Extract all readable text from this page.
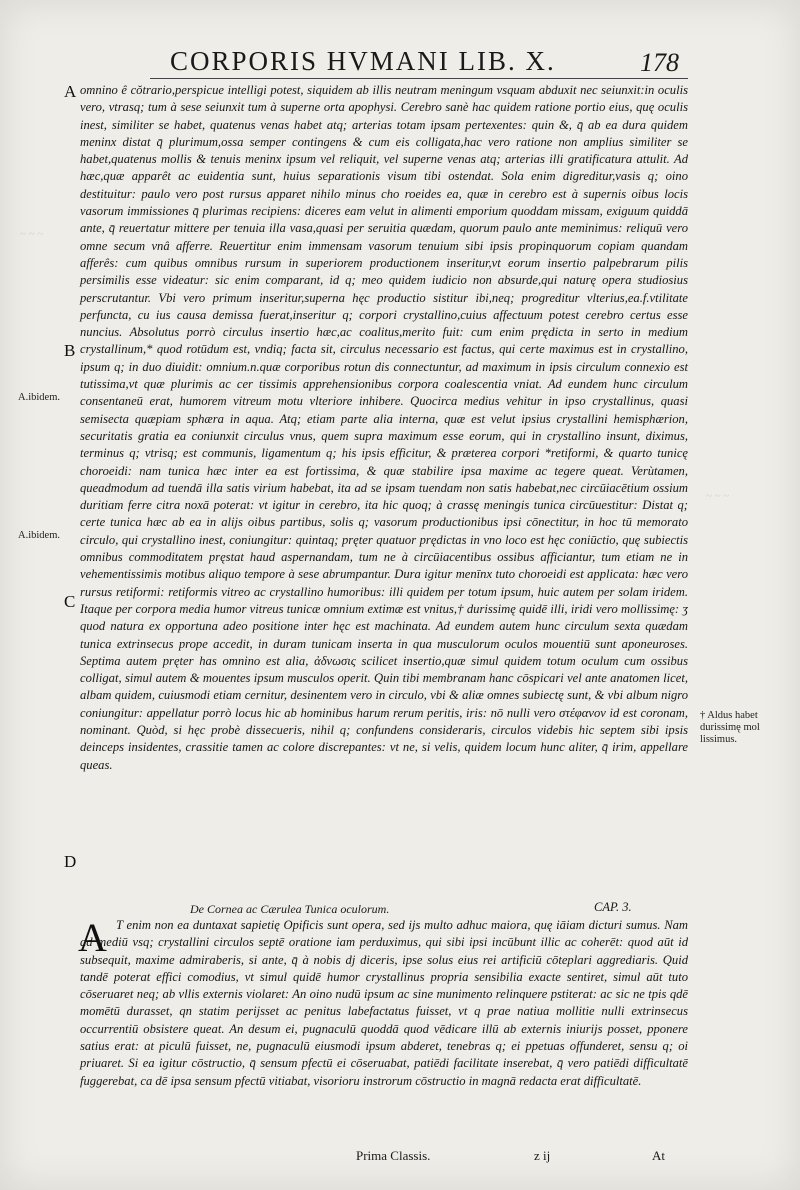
CORPORIS HVMANI LIB. X.	178

omnino ê cŏtrario,perspicue intelligi potest, siquidem ab illis neutram meningum vsquam abduxit nec seiunxit:in oculis vero, vtrasq; tum à sese seiunxit tum à superne orta apophysi. Cerebro sanè hac quidem ratione portio eius, quę oculis inest, similiter se habet, quatenus venas habet atq; arterias totam ipsam pertexentes: quin &, q̄ ab ea dura quidem meninx distat q̄ plurimum,ossa semper contingens & cum eis colligata,hac vero ratione non amplius similiter se habet,quatenus mollis & tenuis meninx ipsum vel reliquit, vel superne venas atq; arterias illi gratificatura attulit. Ad hæc,quæ apparêt ac euidentia sunt, huius separationis visum tibi ostendat. Sola enim digreditur,vasis q; oino destituitur: paulo vero post rursus apparet nihilo minus cho roeides ea, quæ in cerebro est à supernis oibus locis vasorum immissiones q̄ plurimas recipiens: diceres eam velut in alimenti emporium quoddam missam, exiguum quiddā ante, q̄ reuertatur mittere per tenuia illa vasa,quasi per seruitia quædam, quorum paulo ante meminimus: reliquū vero omne secum vnâ afferre. Reuertitur enim immensam vasorum tenuium sibi ipsis propinquorum copiam quandam afferês: cum quibus omnibus rursum in superiorem productionem inseritur,vt eorum insertio palpebrarum pilis persimilis esse videatur: sic enim comparant, id q; meo quidem iudicio non absurde,qui naturę opera studiosius perscrutantur. Vbi vero primum inseritur,superna hęc productio sistitur ibi,neq; progreditur vlterius,ea.f.vtilitate perfuncta, cu ius causa demissa fuerat,inseritur q; corpori crystallino,cuius affectuum potest cerebro certus esse nuncius. Absolutus porrò circulus insertio hæc,ac coalitus,merito fuit: cum enim prędicta in serto in medium crystallinum,* quod rotūdum est, vndiq; facta sit, circulus necessario est factus, qui certe maximus est in crystallino, ipsum q; in duo diuidit: omnium.n.quæ corporibus rotun dis connectuntur, ad maximum in ipsis circulum connexio est tutissima,vt quæ plurimis ac cer tissimis apprehensionibus corpora coalescentia vniat. Ad eundem hunc circulum consentaneū erat, humorem vitreum motu vlteriore inhibere. Quocirca medius vehitur in ipso crystallinus, quasi semisecta quæpiam sphæra in aqua. Atq; etiam parte alia interna, quæ est velut ipsius crystallini hemisphærion, securitatis gratia ea coniunxit circulus vnus, quem supra maximum esse eorum, qui in crystallino insunt, diximus, terminus q; vtrisq; est communis, ligamentum q; his ipsis efficitur, & præterea corpori *retiformi, & quarto tunicę choroeidi: nam tunica hæc inter ea est fortissima, & quæ stabilire ipsa maxime ac tegere queat. Verùtamen, queadmodum ad tuendā illa satis virium habebat, ita ad se ipsam tuendam non satis habebat,nec circūiacētium ossium duritiam ferre citra noxā poterat: vt igitur in cerebro, ita hic quoq; à crassę meningis tunica circūuestitur: Distat q; certe tunica hæc ab ea in alijs oibus partibus, solis q; vasorum productionibus ipsi cōnectitur, in hoc tū memorato circulo, qui crystallino inest, coniungitur: quintaq; pręter quatuor prędictas in vno loco est hęc coniūctio, quę subiectis omnibus commoditatem pręstat haud aspernandam, tum ne à circūiacentibus ossibus afficiantur, tum etiam ne in vehementissimis motibus aliquo tempore à sese abrumpantur. Dura igitur menīnx tuto choroeidi est applicata: hæc vero rursus retiformi: retiformis vitreo ac crystallino humoribus: illi quidem per totum ipsum, huic autem per solam iridem. Itaque per corpora media humor vitreus tunicæ omnium extimæ est vnitus,† durissimę quidē illi, iridi vero mollissimę: ʒ quod natura ex opportuna adeo positione inter hęc est machinata. Ad eundem autem hunc circulum sexta quædam tunica extrinsecus prope accedit, in duram tunicam inserta in qua musculorum oculos mouentiū sunt aponeuroses. Septima autem pręter has omnino est alia, ἀδνωσις scilicet insertio,quæ simul quidem totum oculum cum ossibus colligat, simul autem & mouentes ipsum musculos operit. Quin tibi membranam hanc cōspicari vel ante anatomen licet, albam quidem, cuiusmodi etiam cernitur, desinentem vero in circulo, vbi & aliæ omnes subiectę sunt, & vbi album nigro coniungitur: appellatur porrò locus hic ab hominibus harum rerum peritis, iris: nō nulli vero στέφανον id est coronam, nominant. Quòd, si hęc probè dissecueris, nihil q; confundens consideraris, circulos videbis hic septem sibi ipsis deinceps insidentes, crassitie tamen ac colore discrepantes: vt ne, si velis, quidem locum hunc aliter, q̄ irim, appellare queas.

A
B
C
D
A.ibidem.
A.ibidem.
† Aldus habet durissimę mol lissimus.
~ ~ ~
~ ~ ~
De Cornea ac Cærulea Tunica oculorum.	CAP. 3.
A T enim non ea duntaxat sapietię Opificis sunt opera, sed ijs multo adhuc maiora, quę iāiam dicturi sumus. Nam ad mediū vsq; crystallini circulos septē oratione iam perduximus, qui sibi ipsi incūbunt illic ac coherēt: quod aūt id subsequit, maxime admiraberis, si ante, q̄ à nobis dj diceris, ipse solus eius rei artificiū cōteplari aggrediaris. Quid tandē poterat effici comodius, vt simul quidē humor crystallinus propria sensibilia exacte sentiret, simul aūt tuto cōseruaret neq; ab vllis externis violaret: An oino nudū ipsum ac sine munimento relinquere pstiterat: ac sic ne tpis qdē momētū durasset, qn statim perijsset ac penitus labefactatus fuisset, vt q prae natiua mollitie nulli extrinsecus occurrentiū obsistere queat. An desum ei, pugnaculū quoddā quod vēdicare illū ab externis iniurijs posset, pponere satius erat: at piculū fuisset, ne, pugnaculū eiusmodi ipsum abderet, tenebras q; ei ppetuas offunderet, sensu q; oi priuaret. Si ea igitur cōstructio, q̄ sensum pfectū ei cōseruabat, patiēdi facilitate inserebat, q̄ vero patiēdi difficultatē fuggerebat, ca dē ipsa sensum pfectū vitiabat, visorioru instrorum cōstructio in magnā redacta erat difficultatē.
Prima Classis.	z ij	At
